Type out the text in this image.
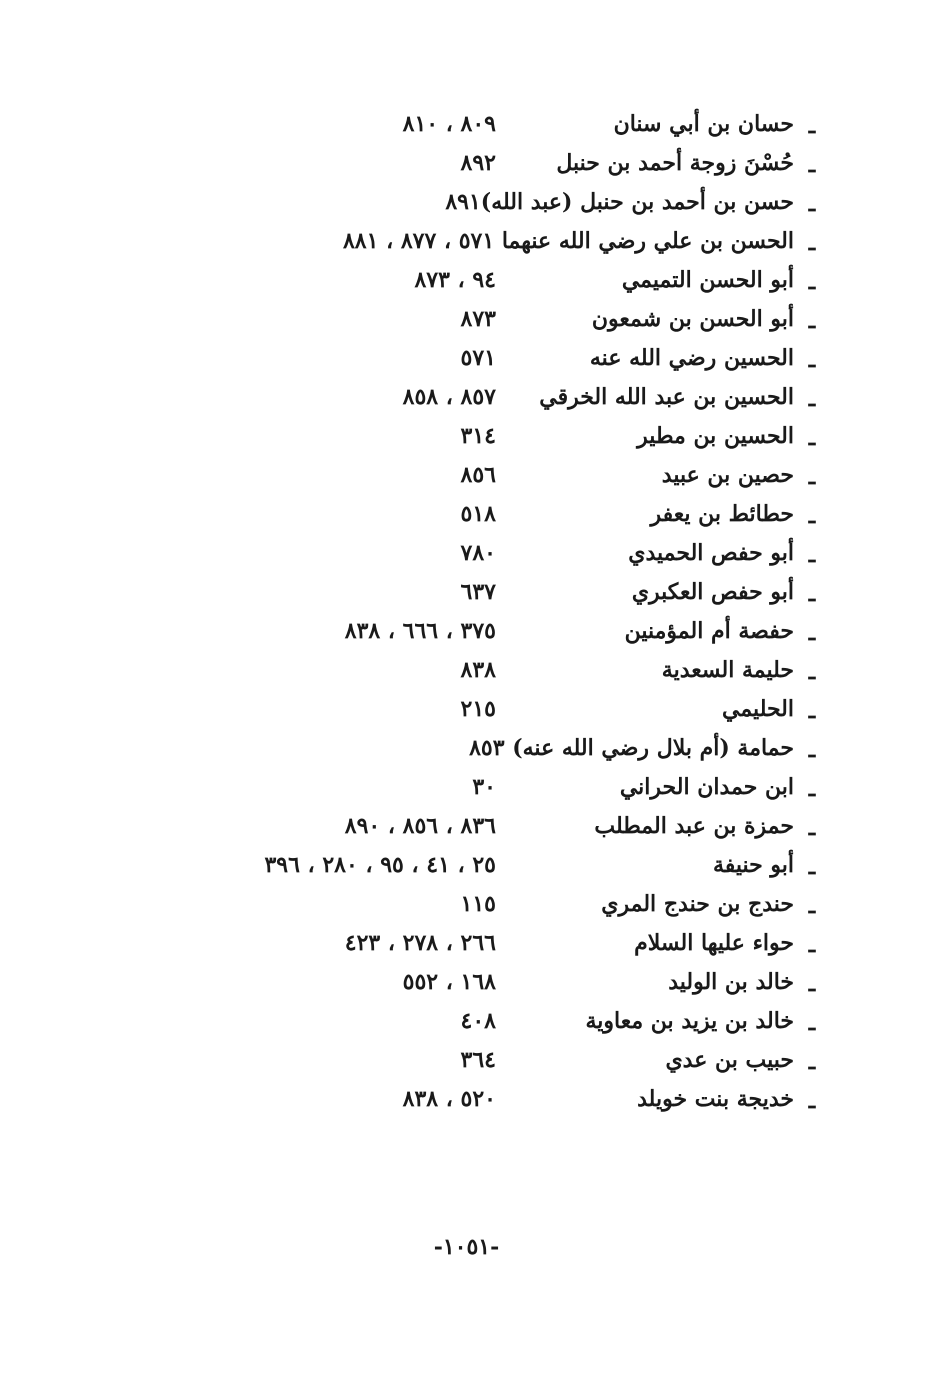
ـ
حسان بن أبي سنان
٨٠٩ ، ٨١٠
ـ
حُسْنَ زوجة أحمد بن حنبل
٨٩٢
ـ
حسن بن أحمد بن حنبل (عبد الله)٨٩١
ـ
الحسن بن علي رضي الله عنهما ٥٧١ ، ٨٧٧ ، ٨٨١
ـ
أبو الحسن التميمي
٩٤ ، ٨٧٣
ـ
أبو الحسن بن شمعون
٨٧٣
ـ
الحسين رضي الله عنه
٥٧١
ـ
الحسين بن عبد الله الخرقي
٨٥٧ ، ٨٥٨
ـ
الحسين بن مطير
٣١٤
ـ
حصين بن عبيد
٨٥٦
ـ
حطائط بن يعفر
٥١٨
ـ
أبو حفص الحميدي
٧٨٠
ـ
أبو حفص العكبري
٦٣٧
ـ
حفصة أم المؤمنين
٣٧٥ ، ٦٦٦ ، ٨٣٨
ـ
حليمة السعدية
٨٣٨
ـ
الحليمي
٢١٥
ـ
حمامة (أم بلال رضي الله عنه) ٨٥٣
ـ
ابن حمدان الحراني
٣٠
ـ
حمزة بن عبد المطلب
٨٣٦ ، ٨٥٦ ، ٨٩٠
ـ
أبو حنيفة
٢٥ ، ٤١ ، ٩٥ ، ٢٨٠ ، ٣٩٦
ـ
حندج بن حندج المري
١١٥
ـ
حواء عليها السلام
٢٦٦ ، ٢٧٨ ، ٤٢٣
ـ
خالد بن الوليد
١٦٨ ، ٥٥٢
ـ
خالد بن يزيد بن معاوية
٤٠٨
ـ
حبيب بن عدي
٣٦٤
ـ
خديجة بنت خويلد
٥٢٠ ، ٨٣٨
-١٠٥١-
